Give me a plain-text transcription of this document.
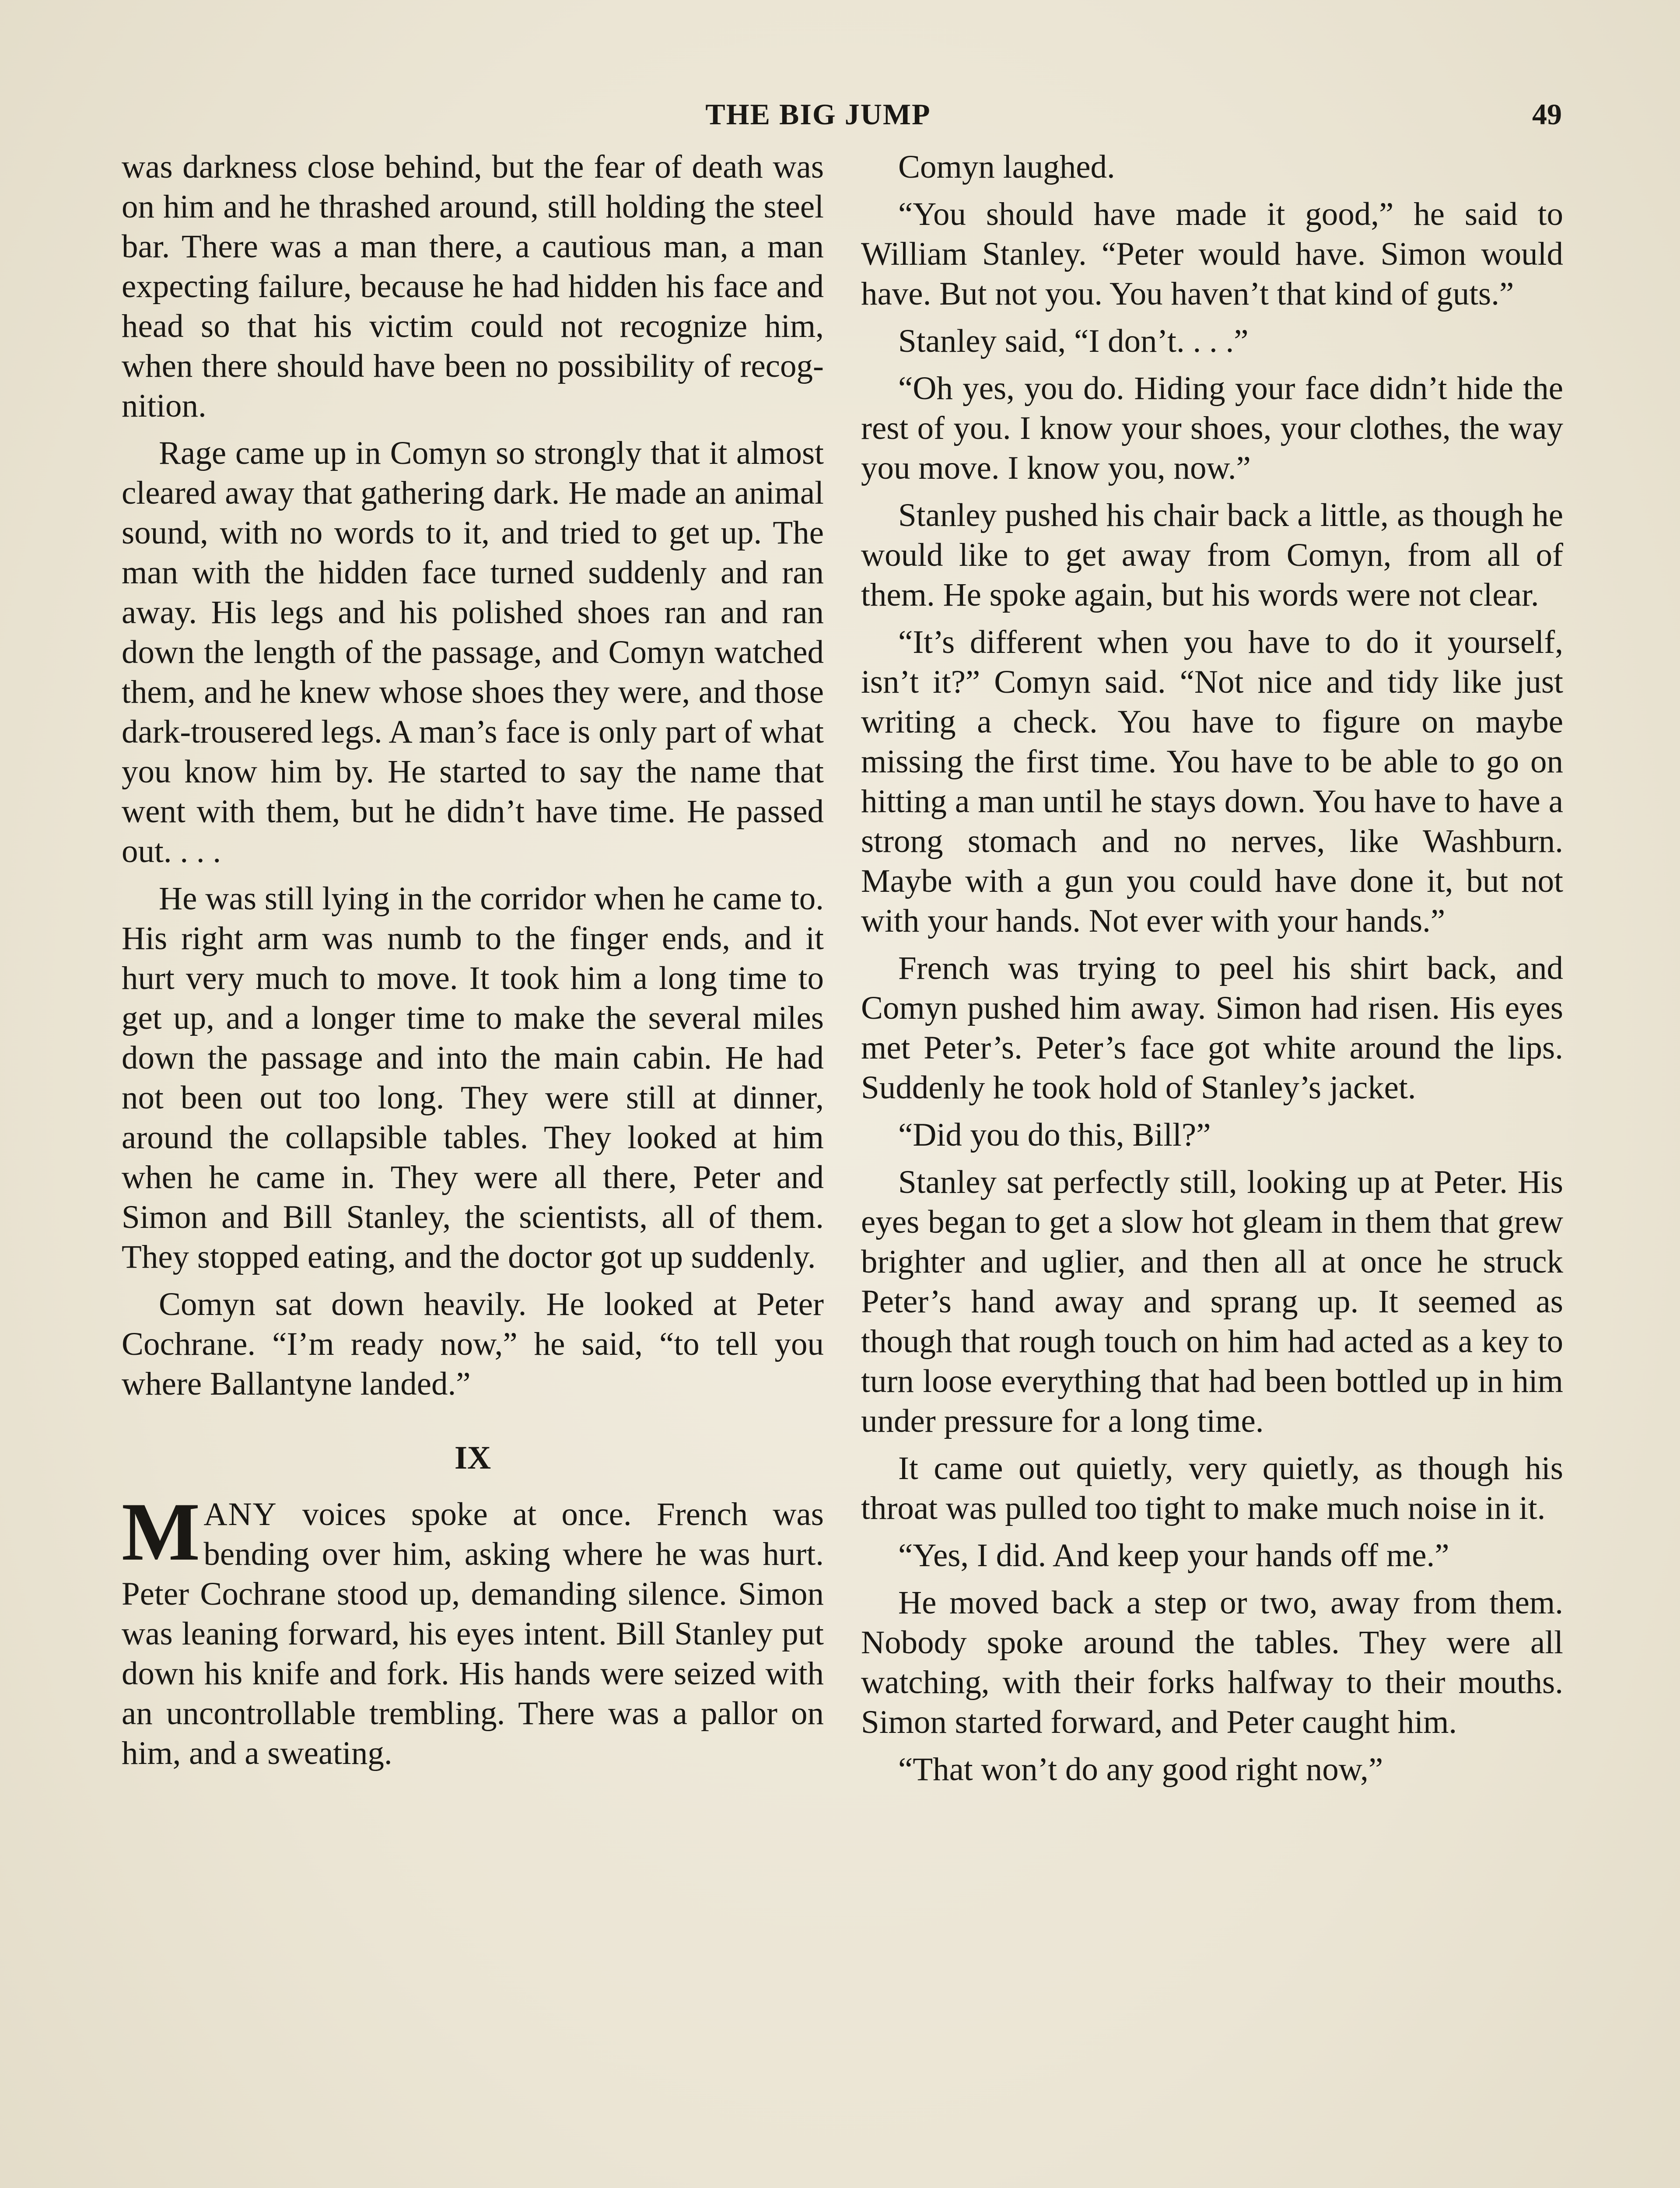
THE BIG JUMP	49

was darkness close behind, but the fear of death was on him and he thrashed around, still holding the steel bar. There was a man there, a cautious man, a man expecting failure, because he had hidden his face and head so that his victim could not recognize him, when there should have been no possibility of recognition.

Rage came up in Comyn so strongly that it almost cleared away that gathering dark. He made an animal sound, with no words to it, and tried to get up. The man with the hidden face turned suddenly and ran away. His legs and his polished shoes ran and ran down the length of the passage, and Comyn watched them, and he knew whose shoes they were, and those dark-trousered legs. A man’s face is only part of what you know him by. He started to say the name that went with them, but he didn’t have time. He passed out. . . .

He was still lying in the corridor when he came to. His right arm was numb to the finger ends, and it hurt very much to move. It took him a long time to get up, and a longer time to make the several miles down the passage and into the main cabin. He had not been out too long. They were still at dinner, around the collapsible tables. They looked at him when he came in. They were all there, Peter and Simon and Bill Stanley, the scientists, all of them. They stopped eating, and the doctor got up suddenly.

Comyn sat down heavily. He looked at Peter Cochrane. “I’m ready now,” he said, “to tell you where Ballantyne landed.”

IX

MANY voices spoke at once. French was bending over him, asking where he was hurt. Peter Cochrane stood up, demanding silence. Simon was leaning forward, his eyes intent. Bill Stanley put down his knife and fork. His hands were seized with an uncontrollable trembling. There was a pallor on him, and a sweating.

Comyn laughed.

“You should have made it good,” he said to William Stanley. “Peter would have. Simon would have. But not you. You haven’t that kind of guts.”

Stanley said, “I don’t. . . .”

“Oh yes, you do. Hiding your face didn’t hide the rest of you. I know your shoes, your clothes, the way you move. I know you, now.”

Stanley pushed his chair back a little, as though he would like to get away from Comyn, from all of them. He spoke again, but his words were not clear.

“It’s different when you have to do it yourself, isn’t it?” Comyn said. “Not nice and tidy like just writing a check. You have to figure on maybe missing the first time. You have to be able to go on hitting a man until he stays down. You have to have a strong stomach and no nerves, like Washburn. Maybe with a gun you could have done it, but not with your hands. Not ever with your hands.”

French was trying to peel his shirt back, and Comyn pushed him away. Simon had risen. His eyes met Peter’s. Peter’s face got white around the lips. Suddenly he took hold of Stanley’s jacket.

“Did you do this, Bill?”

Stanley sat perfectly still, looking up at Peter. His eyes began to get a slow hot gleam in them that grew brighter and uglier, and then all at once he struck Peter’s hand away and sprang up. It seemed as though that rough touch on him had acted as a key to turn loose everything that had been bottled up in him under pressure for a long time.

It came out quietly, very quietly, as though his throat was pulled too tight to make much noise in it.

“Yes, I did. And keep your hands off me.”

He moved back a step or two, away from them. Nobody spoke around the tables. They were all watching, with their forks halfway to their mouths. Simon started forward, and Peter caught him.

“That won’t do any good right now,”
